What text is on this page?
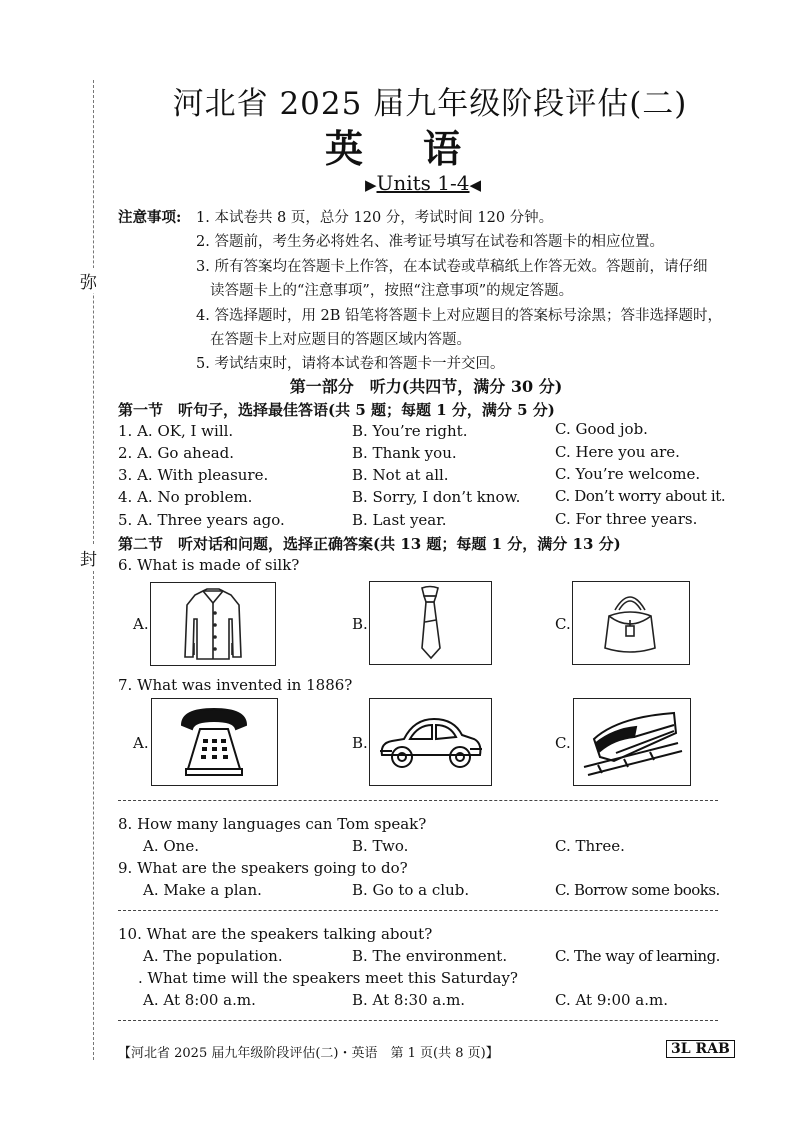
河北省 2025 届九年级阶段评估(二)
英语
▶Units 1-4◀
弥
封
注意事项: 1. 本试卷共 8 页，总分 120 分，考试时间 120 分钟。
2. 答题前，考生务必将姓名、准考证号填写在试卷和答题卡的相应位置。
3. 所有答案均在答题卡上作答，在本试卷或草稿纸上作答无效。答题前，请仔细
读答题卡上的“注意事项”，按照“注意事项”的规定答题。
4. 答选择题时，用 2B 铅笔将答题卡上对应题目的答案标号涂黑；答非选择题时，
在答题卡上对应题目的答题区域内答题。
5. 考试结束时，请将本试卷和答题卡一并交回。
第一部分　听力(共四节，满分 30 分)
第一节　听句子，选择最佳答语(共 5 题；每题 1 分，满分 5 分)
1. A. OK, I will.	B. You’re right.	C. Good job.
2. A. Go ahead.	B. Thank you.	C. Here you are.
3. A. With pleasure.	B. Not at all.	C. You’re welcome.
4. A. No problem.	B. Sorry, I don’t know. C. Don’t worry about it.
5. A. Three years ago.	B. Last year.	C. For three years.
第二节　听对话和问题，选择正确答案(共 13 题；每题 1 分，满分 13 分)
6. What is made of silk?
A.	B.	C.
7. What was invented in 1886?
A.	B.	C.
8. How many languages can Tom speak?
A. One.	B. Two.	C. Three.
9. What are the speakers going to do?
A. Make a plan.	B. Go to a club.	C. Borrow some books.
10. What are the speakers talking about?
A. The population.	B. The environment.	C. The way of learning.
. What time will the speakers meet this Saturday?
A. At 8:00 a.m.	B. At 8:30 a.m.	C. At 9:00 a.m.
【河北省 2025 届九年级阶段评估(二)・英语　第 1 页(共 8 页)】	3L RAB
